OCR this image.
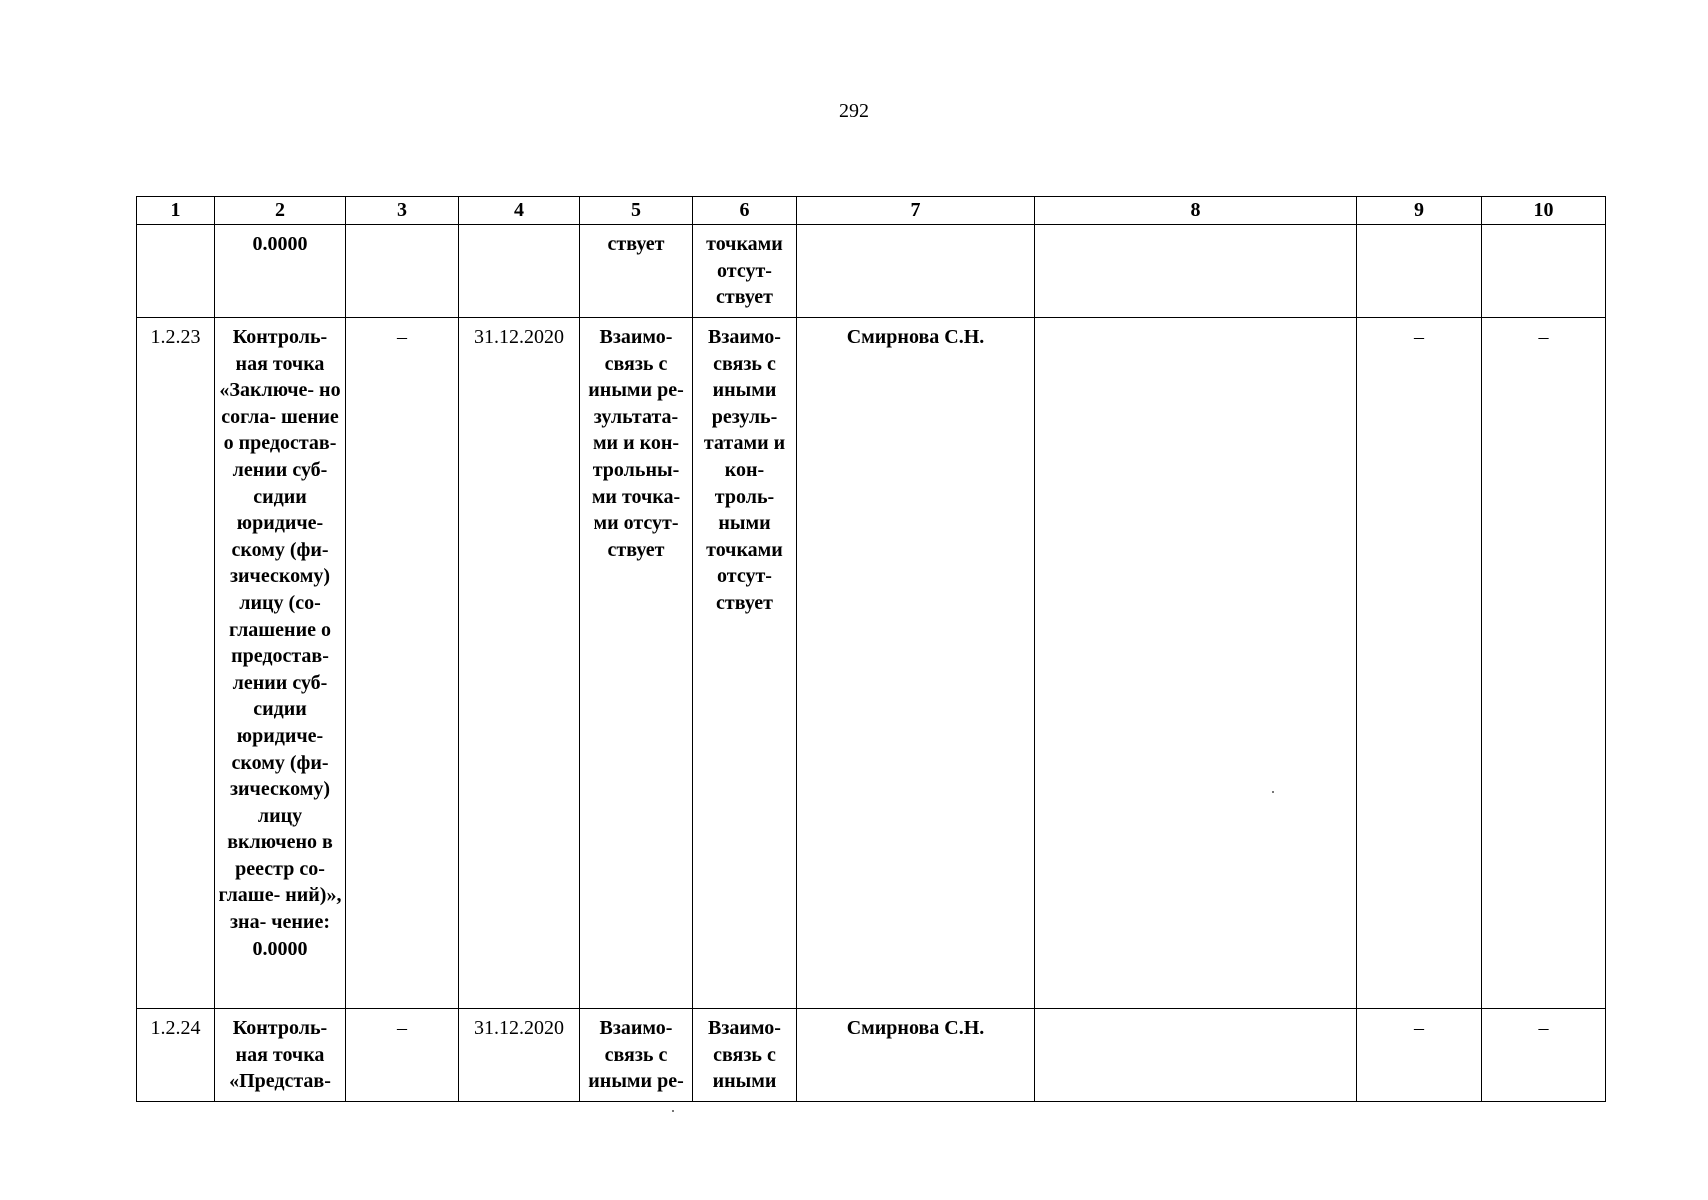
292
1	2	3	4	5	6	7	8	9	10
	0.0000			ствует	точками отсут- ствует				
1.2.23	Контроль- ная точка «Заключе- но согла- шение о предостав- лении суб- сидии юридиче- скому (фи- зическому) лицу (со- глашение о предостав- лении суб- сидии юридиче- скому (фи- зическому) лицу включено в реестр со- глаше- ний)», зна- чение: 0.0000	–	31.12.2020	Взаимо- связь с иными ре- зультата- ми и кон- трольны- ми точка- ми отсут- ствует	Взаимо- связь с иными резуль- татами и кон- троль- ными точками отсут- ствует	Смирнова С.Н.		–	–
1.2.24	Контроль- ная точка «Представ-	–	31.12.2020	Взаимо- связь с иными ре-	Взаимо- связь с иными	Смирнова С.Н.		–	–
